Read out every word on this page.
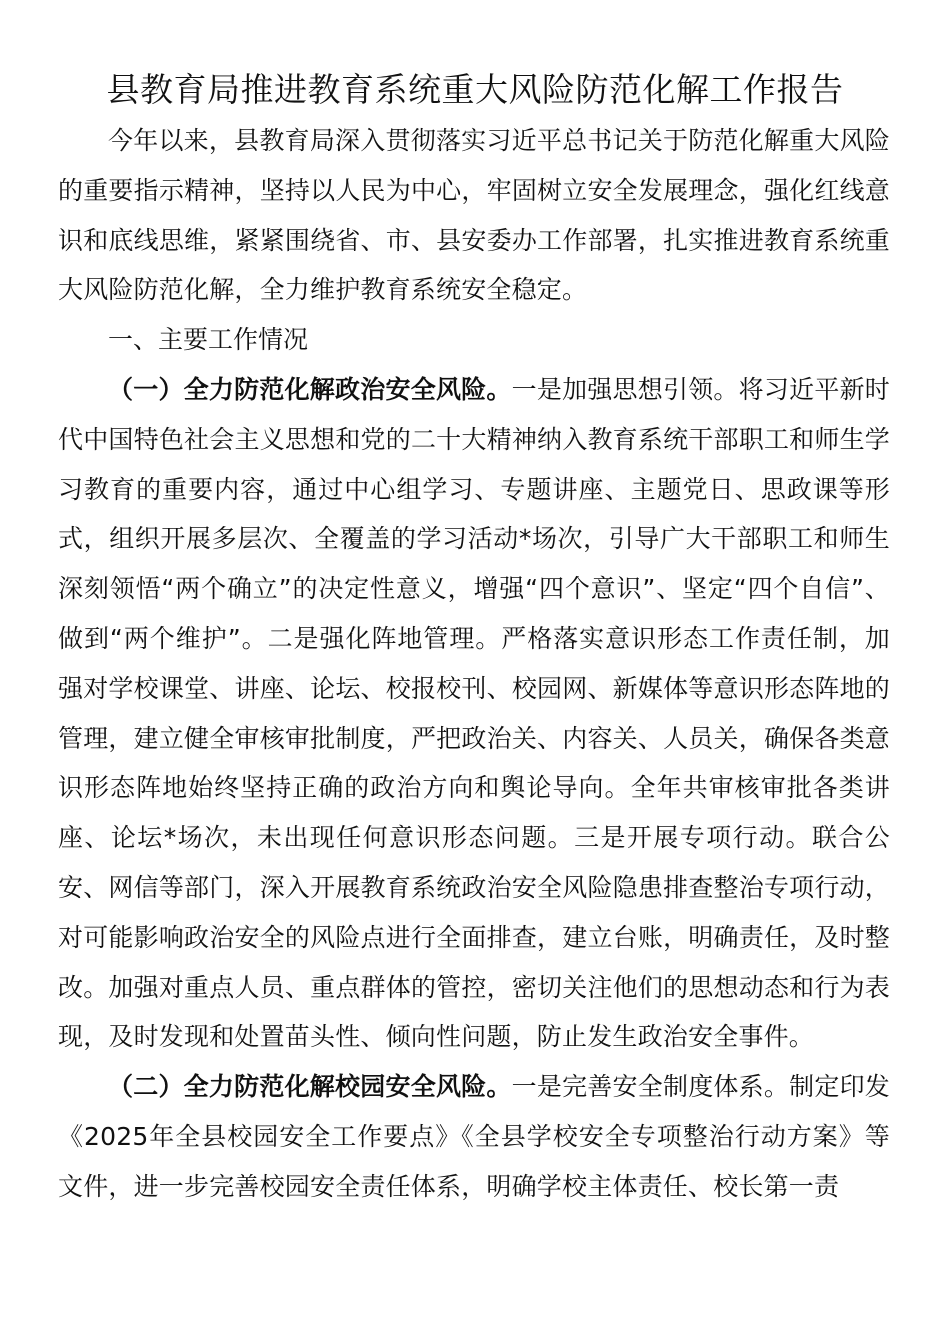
县教育局推进教育系统重大风险防范化解工作报告

今年以来，县教育局深入贯彻落实习近平总书记关于防范化解重大风险的重要指示精神，坚持以人民为中心，牢固树立安全发展理念，强化红线意识和底线思维，紧紧围绕省、市、县安委办工作部署，扎实推进教育系统重大风险防范化解，全力维护教育系统安全稳定。

一、主要工作情况

（一）全力防范化解政治安全风险。一是加强思想引领。将习近平新时代中国特色社会主义思想和党的二十大精神纳入教育系统干部职工和师生学习教育的重要内容，通过中心组学习、专题讲座、主题党日、思政课等形式，组织开展多层次、全覆盖的学习活动*场次，引导广大干部职工和师生深刻领悟“两个确立”的决定性意义，增强“四个意识”、坚定“四个自信”、做到“两个维护”。二是强化阵地管理。严格落实意识形态工作责任制，加强对学校课堂、讲座、论坛、校报校刊、校园网、新媒体等意识形态阵地的管理，建立健全审核审批制度，严把政治关、内容关、人员关，确保各类意识形态阵地始终坚持正确的政治方向和舆论导向。全年共审核审批各类讲座、论坛*场次，未出现任何意识形态问题。三是开展专项行动。联合公安、网信等部门，深入开展教育系统政治安全风险隐患排查整治专项行动，对可能影响政治安全的风险点进行全面排查，建立台账，明确责任，及时整改。加强对重点人员、重点群体的管控，密切关注他们的思想动态和行为表现，及时发现和处置苗头性、倾向性问题，防止发生政治安全事件。

（二）全力防范化解校园安全风险。一是完善安全制度体系。制定印发《2025年全县校园安全工作要点》《全县学校安全专项整治行动方案》等文件，进一步完善校园安全责任体系，明确学校主体责任、校长第一责
